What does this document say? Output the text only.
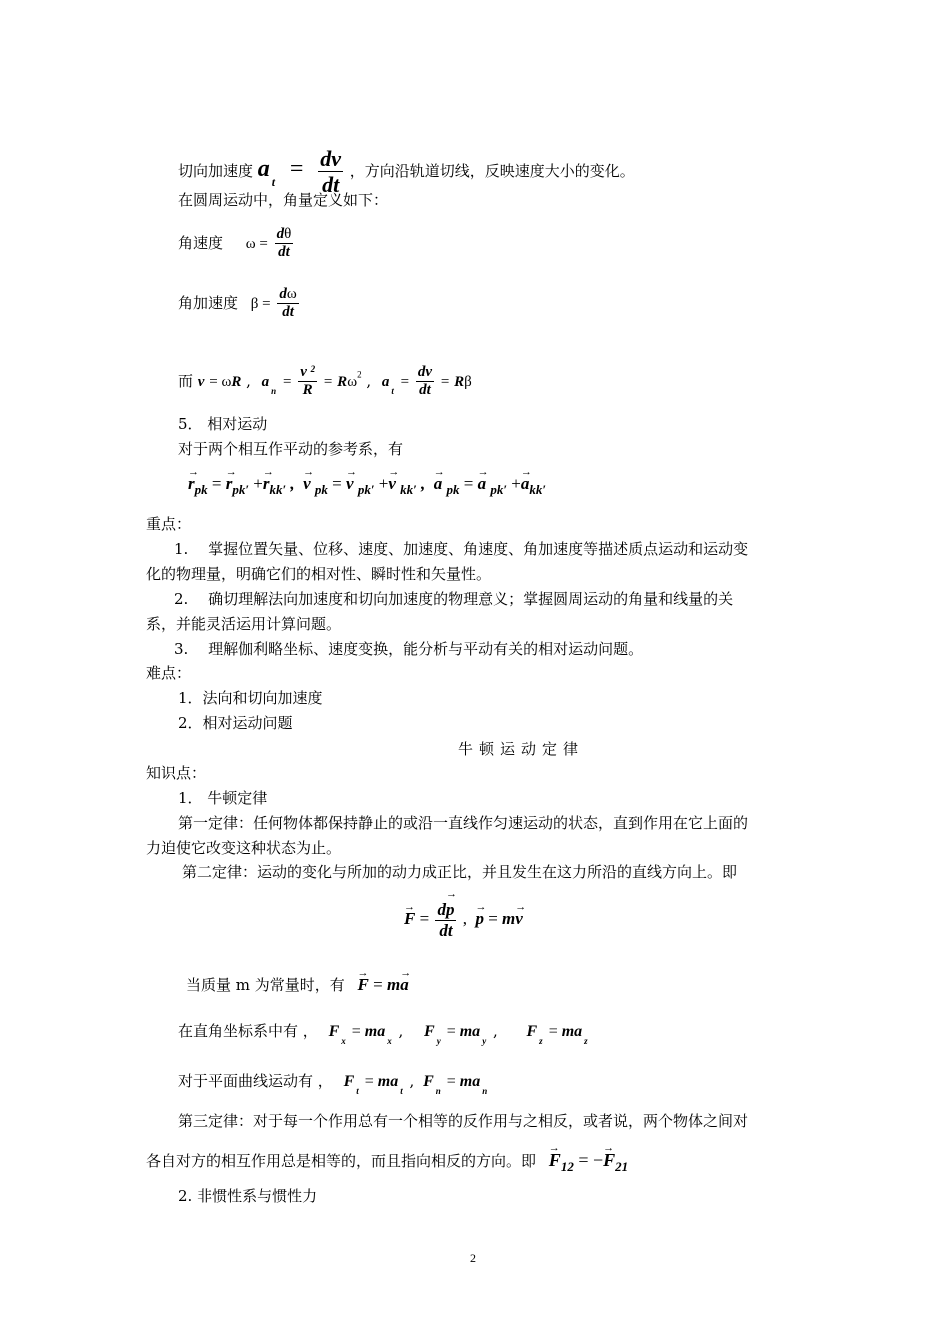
切向加速度 a $_t = \frac{dv}{dt}$ ，方向沿轨道切线，反映速度大小的变化。
在圆周运动中，角量定义如下：
角速度 $\omega = \frac{d\theta}{dt}$
角加速度 $\beta = \frac{d\omega}{dt}$
而 v = ωR , $a_n = \frac{v ^2}{R} = R\omega^2$ , $a_t = \frac{dv}{dt} = R\beta$
5． 相对运动
对于两个相互作平动的参考系，有
→ $r_{pk}$ = → $r_{pk'} +\to r_{kk'}$ ,  → v $_{pk}$ = → v $_{pk'}$ +→ v $_{kk'}$ ,  → a $_{pk}$ = → a $_{pk'} +\to a_{kk'}$
重点：
1.　 掌握位置矢量、位移、速度、加速度、角速度、角加速度等描述质点运动和运动变
化的物理量，明确它们的相对性、瞬时性和矢量性。
2.　 确切理解法向加速度和切向加速度的物理意义；掌握圆周运动的角量和线量的关
系，并能灵活运用计算问题。
3.　 理解伽利略坐标、速度变换，能分析与平动有关的相对运动问题。
难点：
1．法向和切向加速度
2．相对运动问题
牛顿运动定律
知识点：
1． 牛顿定律
第一定律：任何物体都保持静止的或沿一直线作匀速运动的状态，直到作用在它上面的
力迫使它改变这种状态为止。
第二定律：运动的变化与所加的动力成正比，并且发生在这力所沿的直线方向上。即
→ $F = \frac{d\to p}{dt}$ , → p = m→ v
当质量 m 为常量时，有 → F = m→ a
在直角坐标系中有 ， $F_x = ma_x$ , $F_y = ma_y$ , $F_z = ma_z$
对于平面曲线运动有 ， $F_t = ma_t$ , $F_n = ma_n$
第三定律：对于每一个作用总有一个相等的反作用与之相反，或者说，两个物体之间对
各自对方的相互作用总是相等的，而且指向相反的方向。即 → $F_{12}$ = −→ $F_{21}$
2. 非惯性系与惯性力
2
